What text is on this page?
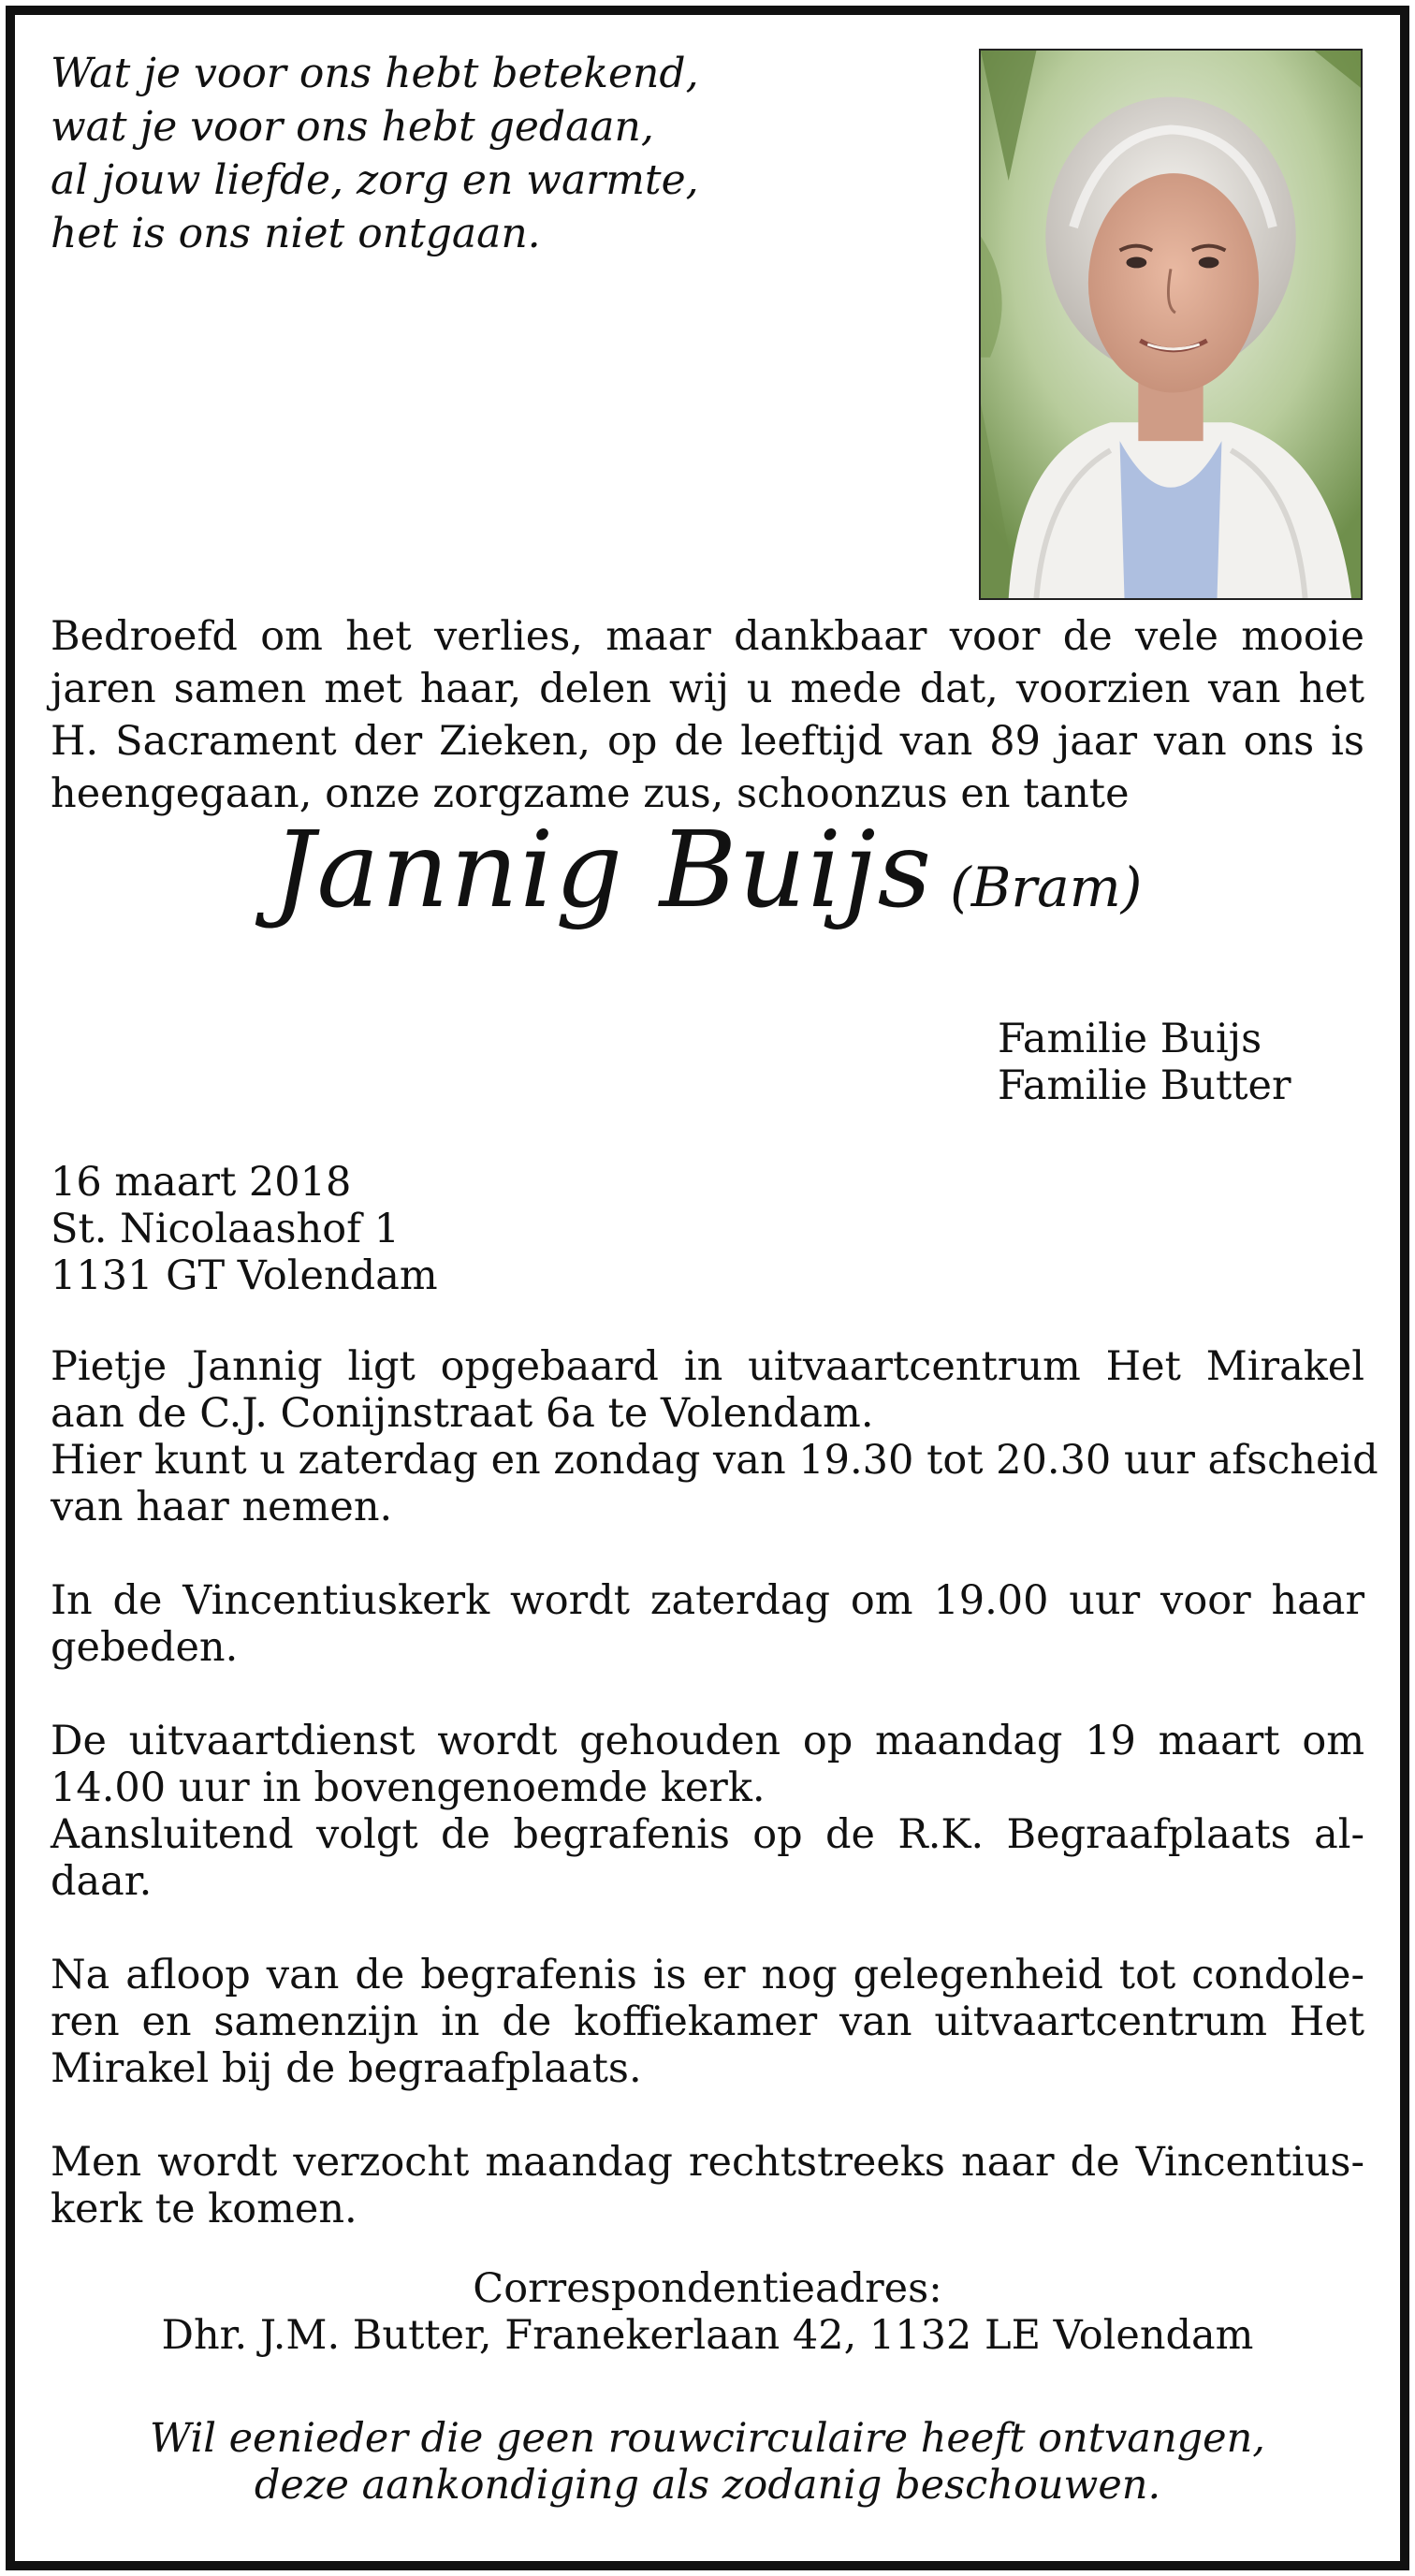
Wat je voor ons hebt betekend,
wat je voor ons hebt gedaan,
al jouw liefde, zorg en warmte,
het is ons niet ontgaan.
Bedroefd om het verlies, maar dankbaar voor de vele mooie
jaren samen met haar, delen wij u mede dat, voorzien van het
H. Sacrament der Zieken, op de leeftijd van 89 jaar van ons is
heengegaan, onze zorgzame zus, schoonzus en tante
Jannig Buijs (Bram)
Familie Buijs
Familie Butter
16 maart 2018
St. Nicolaashof 1
1131 GT Volendam
Pietje Jannig ligt opgebaard in uitvaartcentrum Het Mirakel
aan de C.J. Conijnstraat 6a te Volendam.
Hier kunt u zaterdag en zondag van 19.30 tot 20.30 uur afscheid
van haar nemen.
In de Vincentiuskerk wordt zaterdag om 19.00 uur voor haar
gebeden.
De uitvaartdienst wordt gehouden op maandag 19 maart om
14.00 uur in bovengenoemde kerk.
Aansluitend volgt de begrafenis op de R.K. Begraafplaats al-
daar.
Na afloop van de begrafenis is er nog gelegenheid tot condole-
ren en samenzijn in de koffiekamer van uitvaartcentrum Het
Mirakel bij de begraafplaats.
Men wordt verzocht maandag rechtstreeks naar de Vincentius-
kerk te komen.
Correspondentieadres:
Dhr. J.M. Butter, Franekerlaan 42, 1132 LE Volendam
Wil eenieder die geen rouwcirculaire heeft ontvangen,
deze aankondiging als zodanig beschouwen.
